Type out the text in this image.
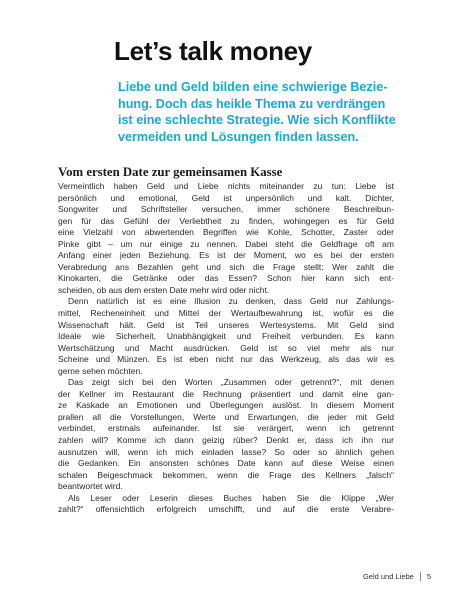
Let’s talk money

Liebe und Geld bilden eine schwierige Bezie-
hung. Doch das heikle Thema zu verdrängen
ist eine schlechte Strategie. Wie sich Konflikte
vermeiden und Lösungen finden lassen.

Vom ersten Date zur gemeinsamen Kasse
Vermeintlich haben Geld und Liebe nichts miteinander zu tun: Liebe ist
persönlich und emotional, Geld ist unpersönlich und kalt. Dichter,
Songwriter und Schriftsteller versuchen, immer schönere Beschreibun-
gen für das Gefühl der Verliebtheit zu finden, wohingegen es für Geld
eine Vielzahl von abwertenden Begriffen wie Kohle, Schotter, Zaster oder
Pinke gibt – um nur einige zu nennen. Dabei steht die Geldfrage oft am
Anfang einer jeden Beziehung. Es ist der Moment, wo es bei der ersten
Verabredung ans Bezahlen geht und sich die Frage stellt: Wer zahlt die
Kinokarten, die Getränke oder das Essen? Schon hier kann sich ent-
scheiden, ob aus dem ersten Date mehr wird oder nicht.
Denn natürlich ist es eine Illusion zu denken, dass Geld nur Zahlungs-
mittel, Recheneinheit und Mittel der Wertaufbewahrung ist, wofür es die
Wissenschaft hält. Geld ist Teil unseres Wertesystems. Mit Geld sind
Ideale wie Sicherheit, Unabhängigkeit und Freiheit verbunden. Es kann
Wertschätzung und Macht ausdrücken. Geld ist so viel mehr als nur
Scheine und Münzen. Es ist eben nicht nur das Werkzeug, als das wir es
gerne sehen möchten.
Das zeigt sich bei den Worten „Zusammen oder getrennt?“, mit denen
der Kellner im Restaurant die Rechnung präsentiert und damit eine gan-
ze Kaskade an Emotionen und Überlegungen auslöst. In diesem Moment
prallen all die Vorstellungen, Werte und Erwartungen, die jeder mit Geld
verbindet, erstmals aufeinander. Ist sie verärgert, wenn ich getrennt
zahlen will? Komme ich dann geizig rüber? Denkt er, dass ich ihn nur
ausnutzen will, wenn ich mich einladen lasse? So oder so ähnlich gehen
die Gedanken. Ein ansonsten schönes Date kann auf diese Weise einen
schalen Beigeschmack bekommen, wenn die Frage des Kellners „falsch“
beantwortet wird.
Als Leser oder Leserin dieses Buches haben Sie die Klippe „Wer
zahlt?“ offensichtlich erfolgreich umschifft, und auf die erste Verabre-
Geld und Liebe 5
